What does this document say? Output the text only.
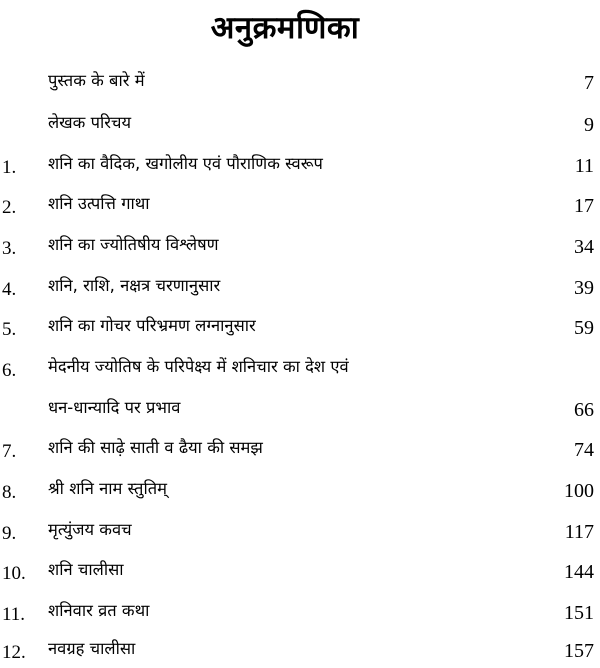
अनुक्रमणिका
पुस्तक के बारे में	7
लेखक परिचय	9
1. शनि का वैदिक, खगोलीय एवं पौराणिक स्वरूप	11
2. शनि उत्पत्ति गाथा	17
3. शनि का ज्योतिषीय विश्लेषण	34
4. शनि, राशि, नक्षत्र चरणानुसार	39
5. शनि का गोचर परिभ्रमण लग्नानुसार	59
6. मेदनीय ज्योतिष के परिपेक्ष्य में शनिचार का देश एवं
धन-धान्यादि पर प्रभाव	66
7. शनि की साढ़े साती व ढैया की समझ	74
8. श्री शनि नाम स्तुतिम्	100
9. मृत्युंजय कवच	117
10. शनि चालीसा	144
11. शनिवार व्रत कथा	151
12. नवग्रह चालीसा	157
